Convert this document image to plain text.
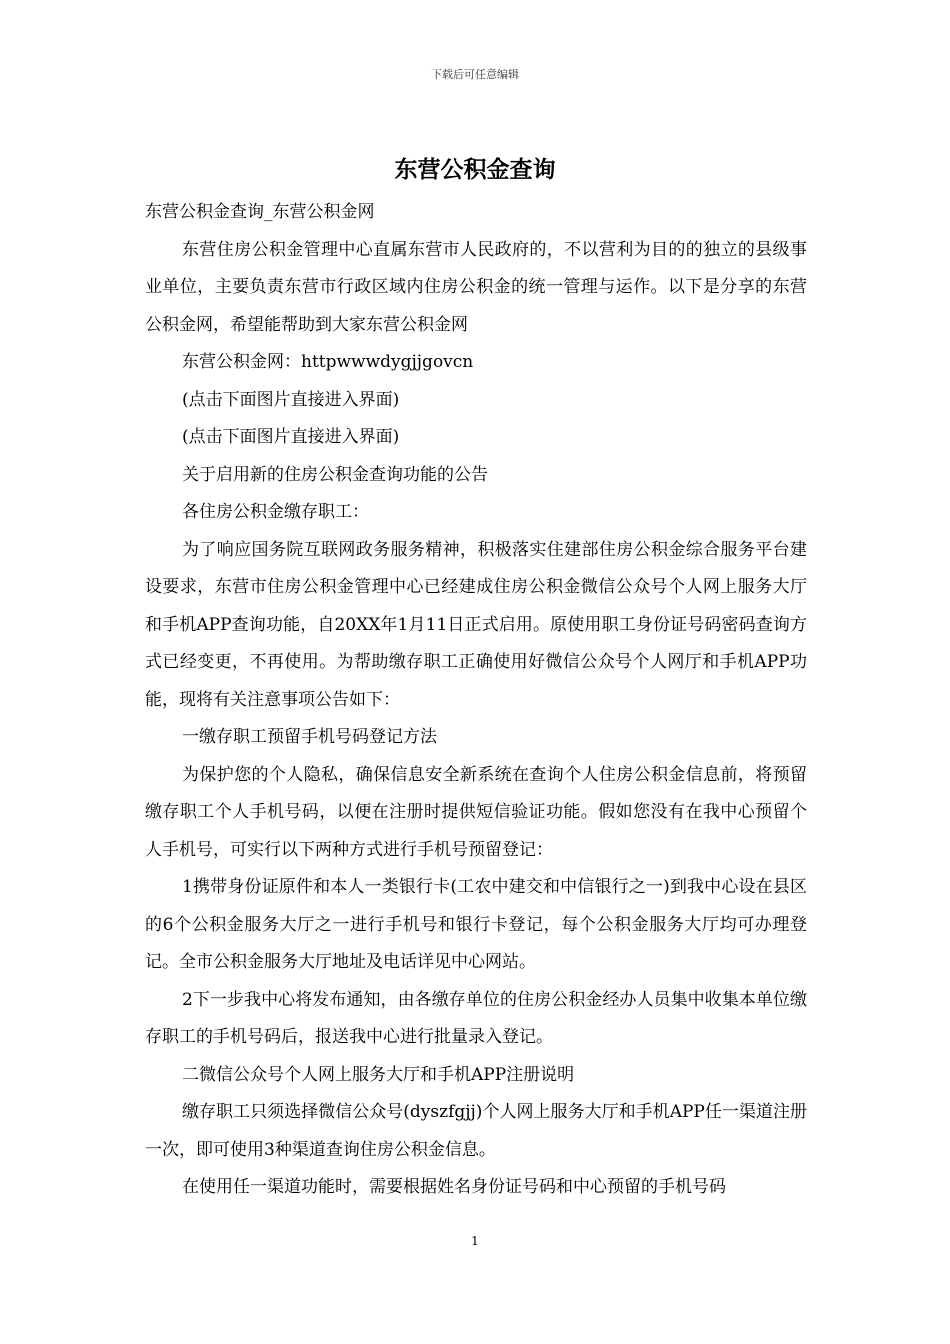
下载后可任意编辑
东营公积金查询

东营公积金查询_东营公积金网

东营住房公积金管理中心直属东营市人民政府的，不以营利为目的的独立的县级事业单位，主要负责东营市行政区域内住房公积金的统一管理与运作。以下是分享的东营公积金网，希望能帮助到大家东营公积金网

东营公积金网：httpwwwdygjjgovcn

(点击下面图片直接进入界面)

(点击下面图片直接进入界面)

关于启用新的住房公积金查询功能的公告

各住房公积金缴存职工：

为了响应国务院互联网政务服务精神，积极落实住建部住房公积金综合服务平台建设要求，东营市住房公积金管理中心已经建成住房公积金微信公众号个人网上服务大厅和手机APP查询功能，自20XX年1月11日正式启用。原使用职工身份证号码密码查询方式已经变更，不再使用。为帮助缴存职工正确使用好微信公众号个人网厅和手机APP功能，现将有关注意事项公告如下：

一缴存职工预留手机号码登记方法

为保护您的个人隐私，确保信息安全新系统在查询个人住房公积金信息前，将预留缴存职工个人手机号码，以便在注册时提供短信验证功能。假如您没有在我中心预留个人手机号，可实行以下两种方式进行手机号预留登记：

1携带身份证原件和本人一类银行卡(工农中建交和中信银行之一)到我中心设在县区的6个公积金服务大厅之一进行手机号和银行卡登记，每个公积金服务大厅均可办理登记。全市公积金服务大厅地址及电话详见中心网站。

2下一步我中心将发布通知，由各缴存单位的住房公积金经办人员集中收集本单位缴存职工的手机号码后，报送我中心进行批量录入登记。

二微信公众号个人网上服务大厅和手机APP注册说明

缴存职工只须选择微信公众号(dyszfgjj)个人网上服务大厅和手机APP任一渠道注册一次，即可使用3种渠道查询住房公积金信息。

在使用任一渠道功能时，需要根据姓名身份证号码和中心预留的手机号码

1
